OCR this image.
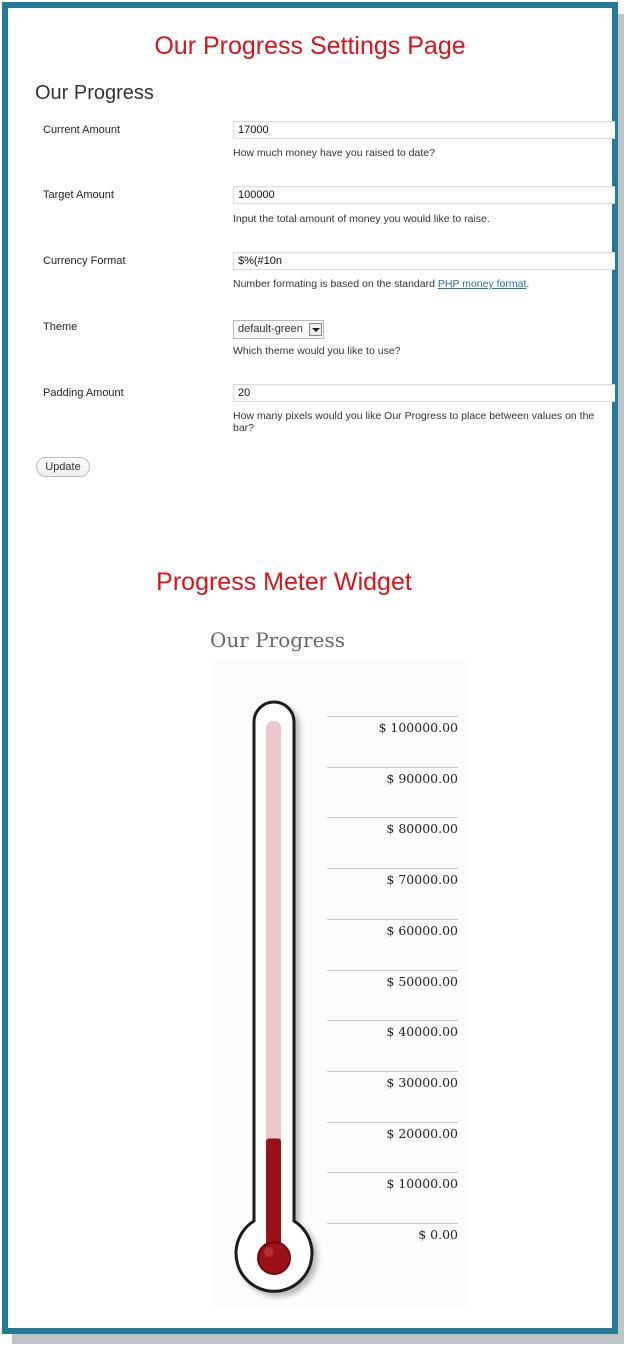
Our Progress Settings Page
Our Progress
Current Amount	17000
How much money have you raised to date?
Target Amount	100000
Input the total amount of money you would like to raise.
Currency Format	$%(#10n
Number formating is based on the standard PHP money format.
Theme	default-green
Which theme would you like to use?
Padding Amount	20
How many pixels would you like Our Progress to place between values on the bar?
Update
Progress Meter Widget
Our Progress
$ 100000.00
$ 90000.00
$ 80000.00
$ 70000.00
$ 60000.00
$ 50000.00
$ 40000.00
$ 30000.00
$ 20000.00
$ 10000.00
$ 0.00
